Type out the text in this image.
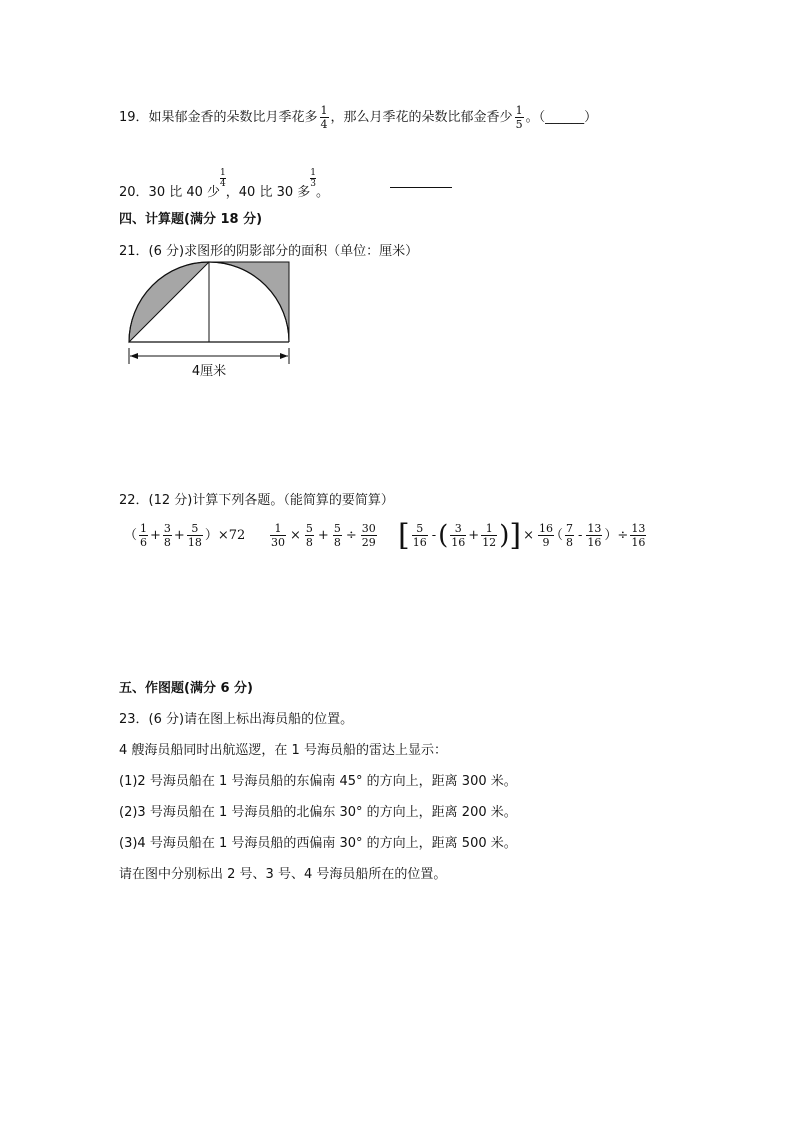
19．如果郁金香的朵数比月季花多 $\frac{1}{4}$ ，那么月季花的朵数比郁金香少 $\frac{1}{5}$ 。（______）
20．30 比 40 少
$\frac{1}{4}$
，40 比 30 多
$\frac{1}{3}$
。
四、计算题(满分 18 分)
21．(6 分)求图形的阴影部分的面积（单位：厘米）
4厘米
22．(12 分)计算下列各题。（能简算的要简算）
（ $\frac{1}{6} + \frac{3}{8} + \frac{5}{18} )\times 72 \frac{1}{30} \times \frac{5}{8} + \frac{5}{8} \div \frac{30}{29}$ [ $\frac{5}{16}$ -( $\frac{3}{16} + \frac{1}{12}$ )] × $\frac{16}{9}$
（ $\frac{7}{8} - \frac{13}{16}$ ）÷ $\frac{13}{16}$
五、作图题(满分 6 分)
23．(6 分)请在图上标出海员船的位置。
4 艘海员船同时出航巡逻，在 1 号海员船的雷达上显示：
(1)2 号海员船在 1 号海员船的东偏南 45° 的方向上，距离 300 米。
(2)3 号海员船在 1 号海员船的北偏东 30° 的方向上，距离 200 米。
(3)4 号海员船在 1 号海员船的西偏南 30° 的方向上，距离 500 米。
请在图中分别标出 2 号、3 号、4 号海员船所在的位置。
